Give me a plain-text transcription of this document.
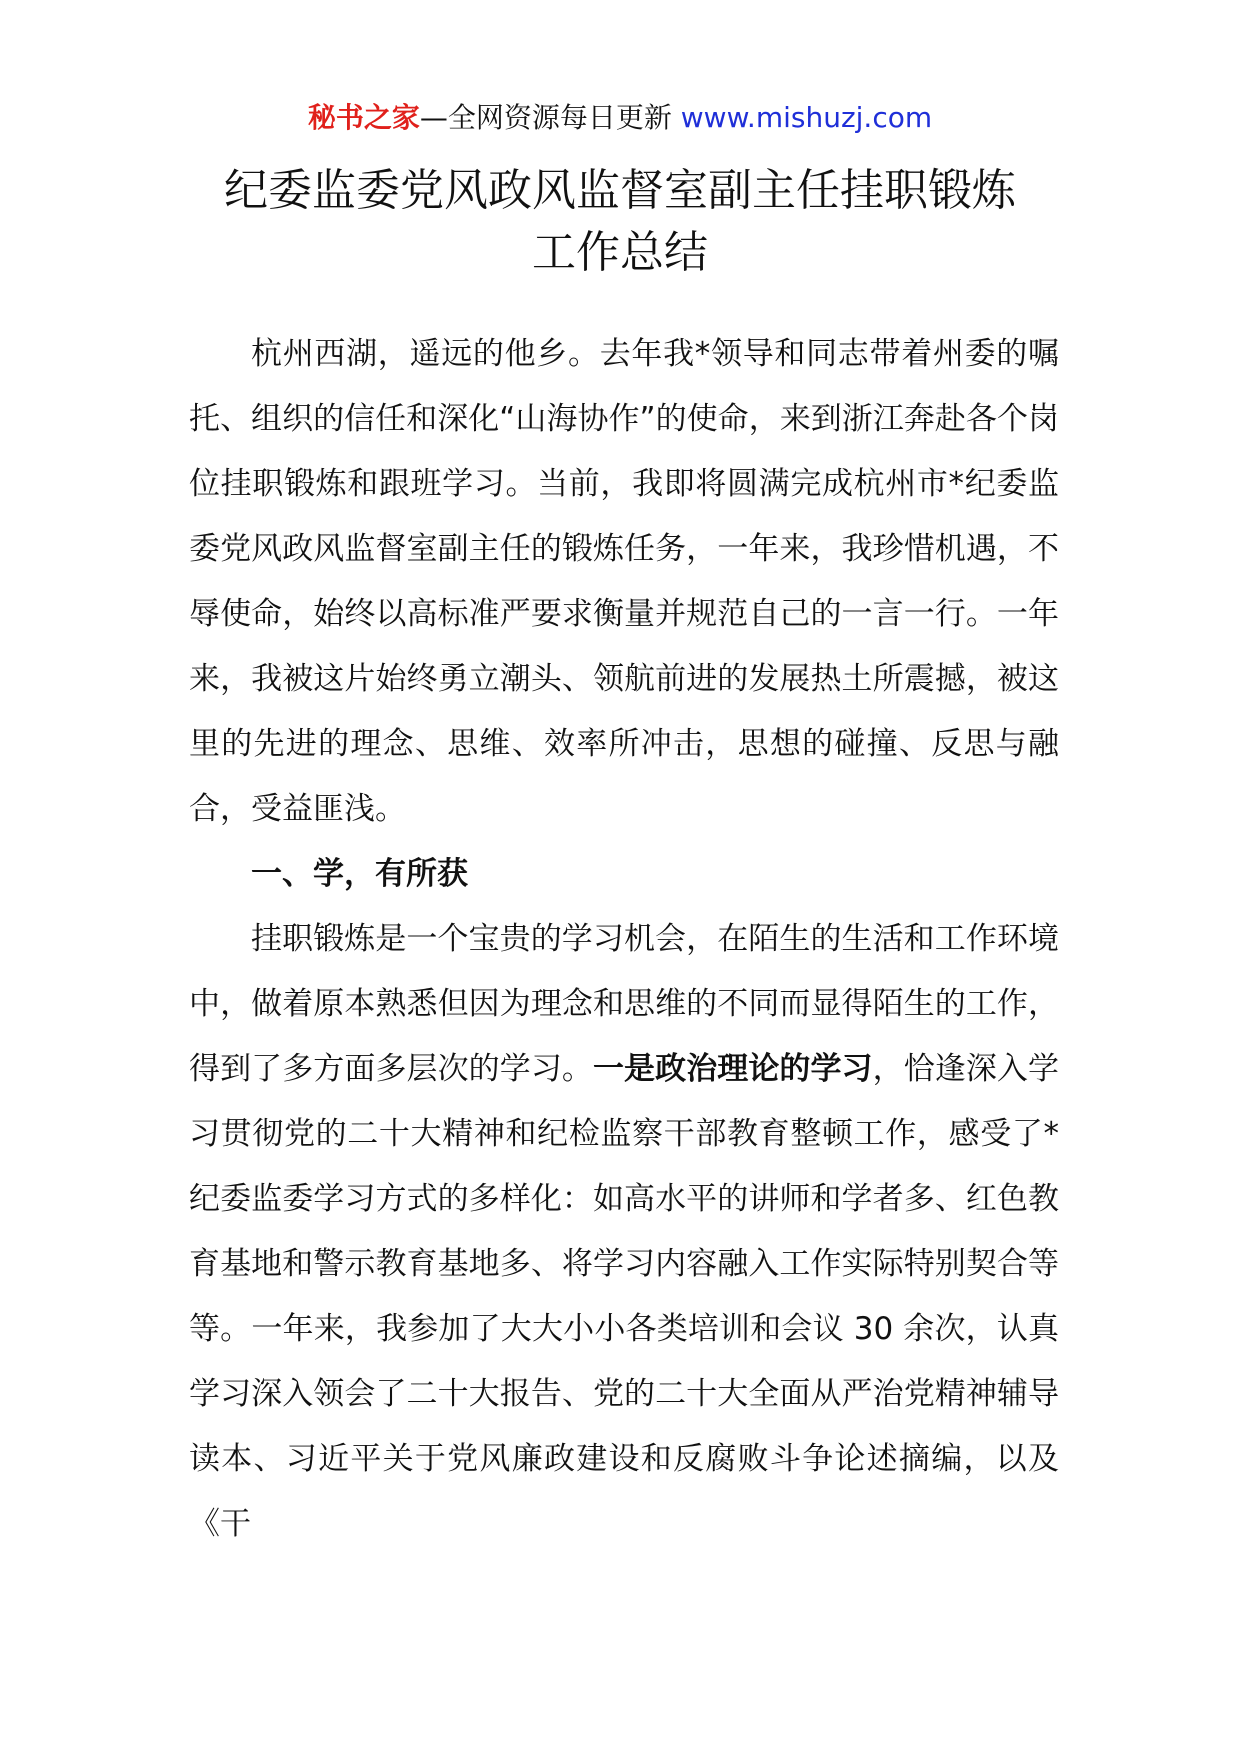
秘书之家—全网资源每日更新 www.mishuzj.com
纪委监委党风政风监督室副主任挂职锻炼
工作总结

杭州西湖，遥远的他乡。去年我*领导和同志带着州委的嘱托、组织的信任和深化“山海协作”的使命，来到浙江奔赴各个岗位挂职锻炼和跟班学习。当前，我即将圆满完成杭州市*纪委监委党风政风监督室副主任的锻炼任务，一年来，我珍惜机遇，不辱使命，始终以高标准严要求衡量并规范自己的一言一行。一年来，我被这片始终勇立潮头、领航前进的发展热土所震撼，被这里的先进的理念、思维、效率所冲击，思想的碰撞、反思与融合，受益匪浅。

一、学，有所获

挂职锻炼是一个宝贵的学习机会，在陌生的生活和工作环境中，做着原本熟悉但因为理念和思维的不同而显得陌生的工作，得到了多方面多层次的学习。一是政治理论的学习，恰逢深入学习贯彻党的二十大精神和纪检监察干部教育整顿工作，感受了*纪委监委学习方式的多样化：如高水平的讲师和学者多、红色教育基地和警示教育基地多、将学习内容融入工作实际特别契合等等。一年来，我参加了大大小小各类培训和会议 30 余次，认真学习深入领会了二十大报告、党的二十大全面从严治党精神辅导读本、习近平关于党风廉政建设和反腐败斗争论述摘编，以及《干
